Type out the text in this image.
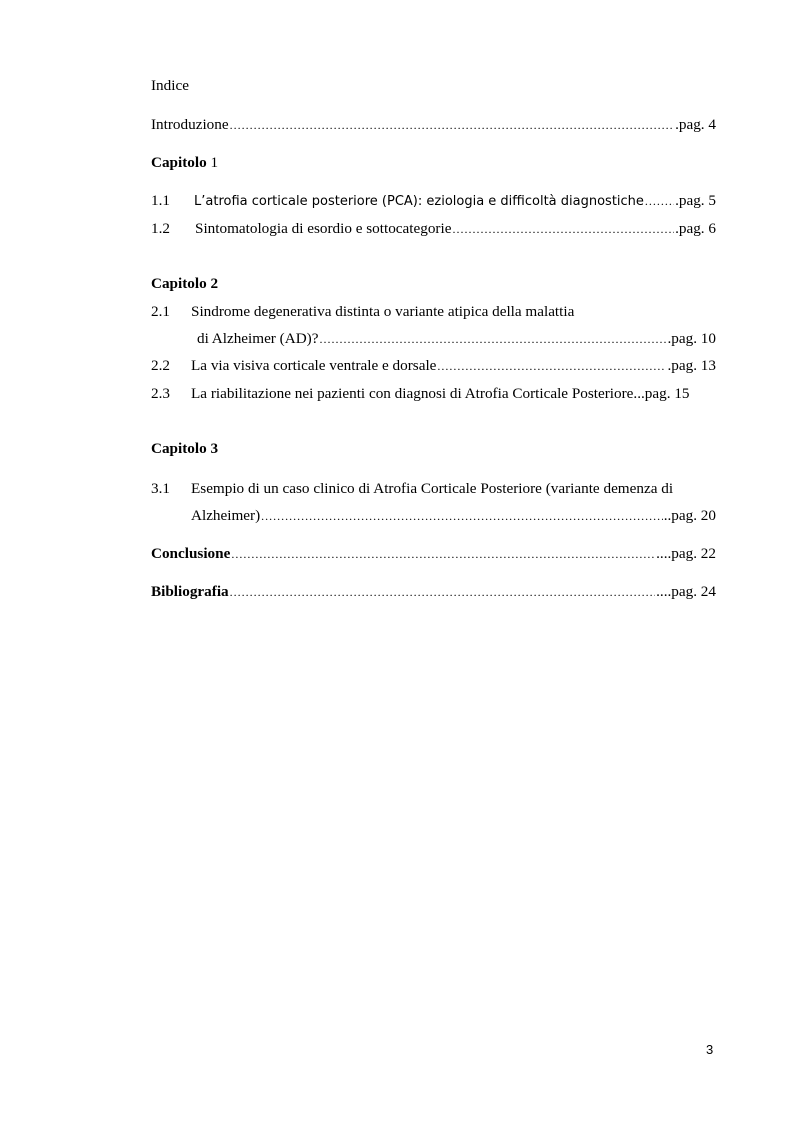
Indice
Introduzione .....	.pag. 4
Capitolo 1
1.1	L’atrofia corticale posteriore (PCA): eziologia e difficoltà diagnostiche ..... .pag. 5
1.2	Sintomatologia di esordio e sottocategorie .....	.pag. 6
Capitolo 2
2.1 Sindrome degenerativa distinta o variante atipica della malattia
di Alzheimer (AD)? .....	.pag. 10
2.2	La via visiva corticale ventrale e dorsale .....	.pag. 13
2.3	La riabilitazione nei pazienti con diagnosi di Atrofia Corticale Posteriore... pag. 15
Capitolo 3
3.1 Esempio di un caso clinico di Atrofia Corticale Posteriore (variante demenza di
Alzheimer) .....	..pag. 20
Conclusione .....	....pag. 22
Bibliografia .....	....pag. 24
3
